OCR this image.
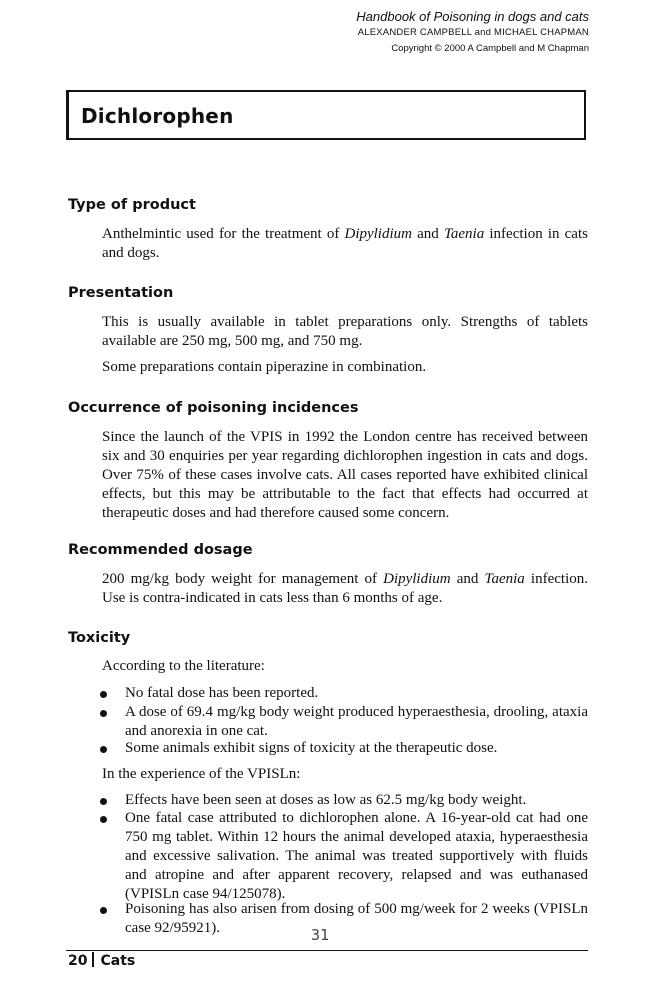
Handbook of Poisoning in dogs and cats
ALEXANDER CAMPBELL and MICHAEL CHAPMAN
Copyright © 2000 A Campbell and M Chapman
Dichlorophen
Type of product

Anthelmintic used for the treatment of Dipylidium and Taenia infection in cats and dogs.

Presentation

This is usually available in tablet preparations only. Strengths of tablets available are 250 mg, 500 mg, and 750 mg.

Some preparations contain piperazine in combination.

Occurrence of poisoning incidences

Since the launch of the VPIS in 1992 the London centre has received between six and 30 enquiries per year regarding dichlorophen ingestion in cats and dogs. Over 75% of these cases involve cats. All cases reported have exhibited clinical effects, but this may be attributable to the fact that effects had occurred at therapeutic doses and had therefore caused some concern.

Recommended dosage

200 mg/kg body weight for management of Dipylidium and Taenia infection. Use is contra-indicated in cats less than 6 months of age.

Toxicity

According to the literature:

No fatal dose has been reported.
A dose of 69.4 mg/kg body weight produced hyperaesthesia, drooling, ataxia and anorexia in one cat.
Some animals exhibit signs of toxicity at the therapeutic dose.

In the experience of the VPISLn:

Effects have been seen at doses as low as 62.5 mg/kg body weight.
One fatal case attributed to dichlorophen alone. A 16-year-old cat had one 750 mg tablet. Within 12 hours the animal developed ataxia, hyperaesthesia and excessive salivation. The animal was treated supportively with fluids and atropine and after apparent recovery, relapsed and was euthanased (VPISLn case 94/125078).
Poisoning has also arisen from dosing of 500 mg/week for 2 weeks (VPISLn case 92/95921).	31
20 Cats
